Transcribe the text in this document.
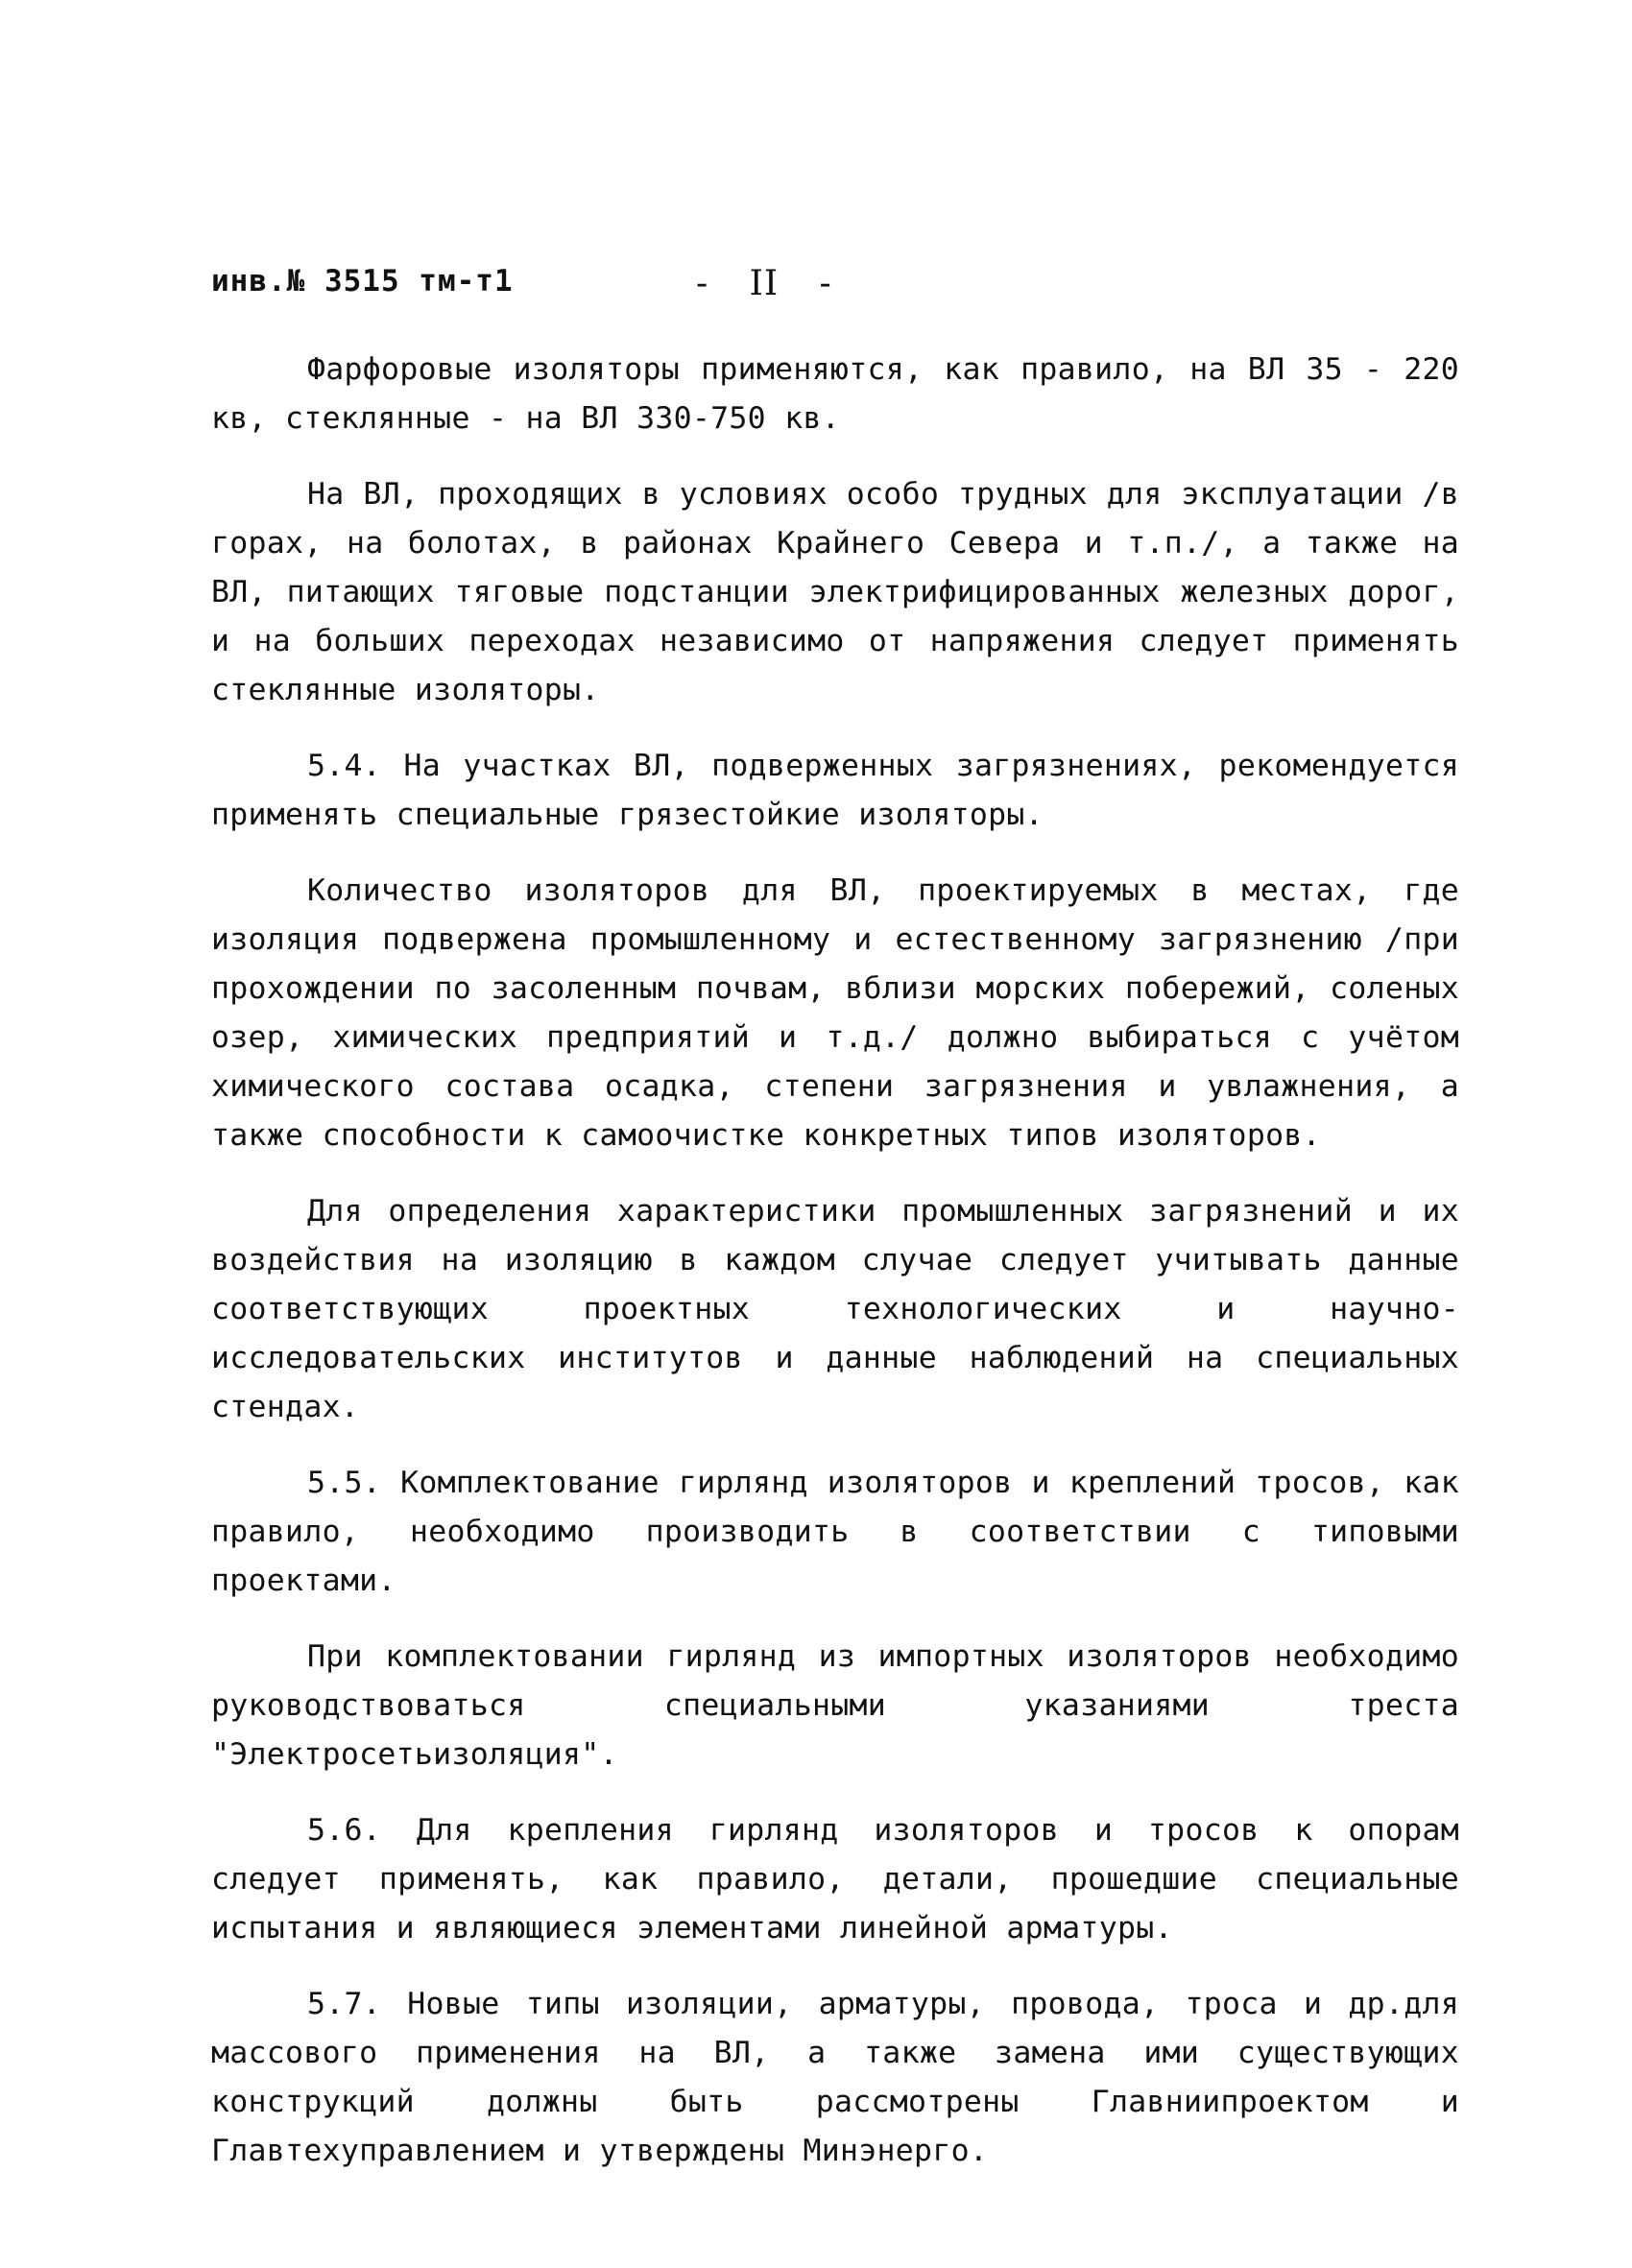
инв.№ 3515 тм-т1	- II -

Фарфоровые изоляторы применяются, как правило, на ВЛ 35 - 220 кв, стеклянные - на ВЛ 330-750 кв.

На ВЛ, проходящих в условиях особо трудных для эксплуатации /в горах, на болотах, в районах Крайнего Севера и т.п./, а также на ВЛ, питающих тяговые подстанции электрифицированных железных дорог, и на больших переходах независимо от напряжения следует применять стеклянные изоляторы.

5.4. На участках ВЛ, подверженных загрязнениях, рекомендуется применять специальные грязестойкие изоляторы.

Количество изоляторов для ВЛ, проектируемых в местах, где изоляция подвержена промышленному и естественному загрязнению /при прохождении по засоленным почвам, вблизи морских побережий, соленых озер, химических предприятий и т.д./ должно выбираться с учётом химического состава осадка, степени загрязнения и увлажнения, а также способности к самоочистке конкретных типов изоляторов.

Для определения характеристики промышленных загрязнений и их воздействия на изоляцию в каждом случае следует учитывать данные соответствующих проектных технологических и научно-исследовательских институтов и данные наблюдений на специальных стендах.

5.5. Комплектование гирлянд изоляторов и креплений тросов, как правило, необходимо производить в соответствии с типовыми проектами.

При комплектовании гирлянд из импортных изоляторов необходимо руководствоваться специальными указаниями треста "Электросетьизоляция".

5.6. Для крепления гирлянд изоляторов и тросов к опорам следует применять, как правило, детали, прошедшие специальные испытания и являющиеся элементами линейной арматуры.

5.7. Новые типы изоляции, арматуры, провода, троса и др.для массового применения на ВЛ, а также замена ими существующих конструкций должны быть рассмотрены Главниипроектом и Главтехуправлением и утверждены Минэнерго.
